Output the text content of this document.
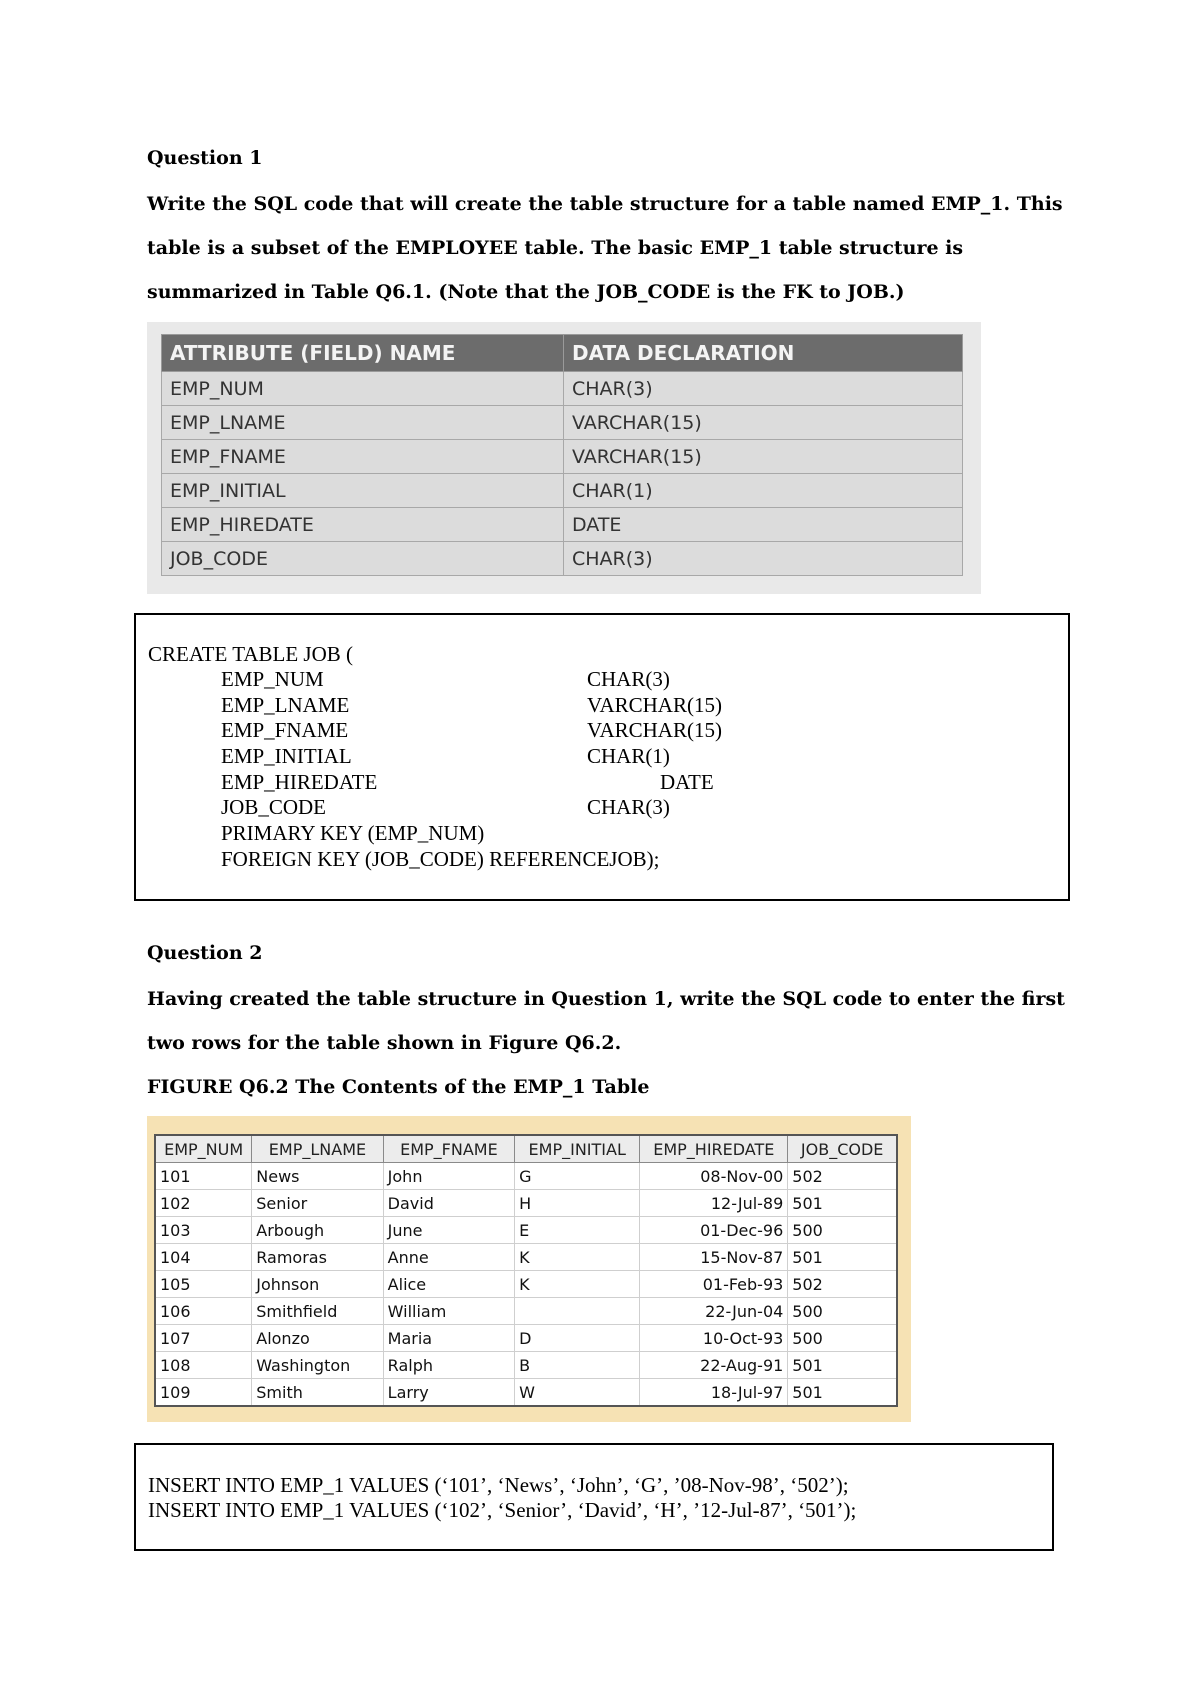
Question 1
Write the SQL code that will create the table structure for a table named EMP_1. This
table is a subset of the EMPLOYEE table. The basic EMP_1 table structure is
summarized in Table Q6.1. (Note that the JOB_CODE is the FK to JOB.)
ATTRIBUTE (FIELD) NAME	DATA DECLARATION
EMP_NUM	CHAR(3)
EMP_LNAME	VARCHAR(15)
EMP_FNAME	VARCHAR(15)
EMP_INITIAL	CHAR(1)
EMP_HIREDATE	DATE
JOB_CODE	CHAR(3)
CREATE TABLE JOB (
EMP_NUM	CHAR(3)
EMP_LNAME	VARCHAR(15)
EMP_FNAME	VARCHAR(15)
EMP_INITIAL	CHAR(1)
EMP_HIREDATE	DATE
JOB_CODE	CHAR(3)
PRIMARY KEY (EMP_NUM)
FOREIGN KEY (JOB_CODE) REFERENCEJOB);
Question 2
Having created the table structure in Question 1, write the SQL code to enter the first
two rows for the table shown in Figure Q6.2.
FIGURE Q6.2 The Contents of the EMP_1 Table
EMP_NUM	EMP_LNAME	EMP_FNAME	EMP_INITIAL	EMP_HIREDATE	JOB_CODE
101	News	John	G	08-Nov-00	502
102	Senior	David	H	12-Jul-89	501
103	Arbough	June	E	01-Dec-96	500
104	Ramoras	Anne	K	15-Nov-87	501
105	Johnson	Alice	K	01-Feb-93	502
106	Smithfield	William		22-Jun-04	500
107	Alonzo	Maria	D	10-Oct-93	500
108	Washington	Ralph	B	22-Aug-91	501
109	Smith	Larry	W	18-Jul-97	501
INSERT INTO EMP_1 VALUES (‘101’, ‘News’, ‘John’, ‘G’, ’08-Nov-98’, ‘502’);
INSERT INTO EMP_1 VALUES (‘102’, ‘Senior’, ‘David’, ‘H’, ’12-Jul-87’, ‘501’);
